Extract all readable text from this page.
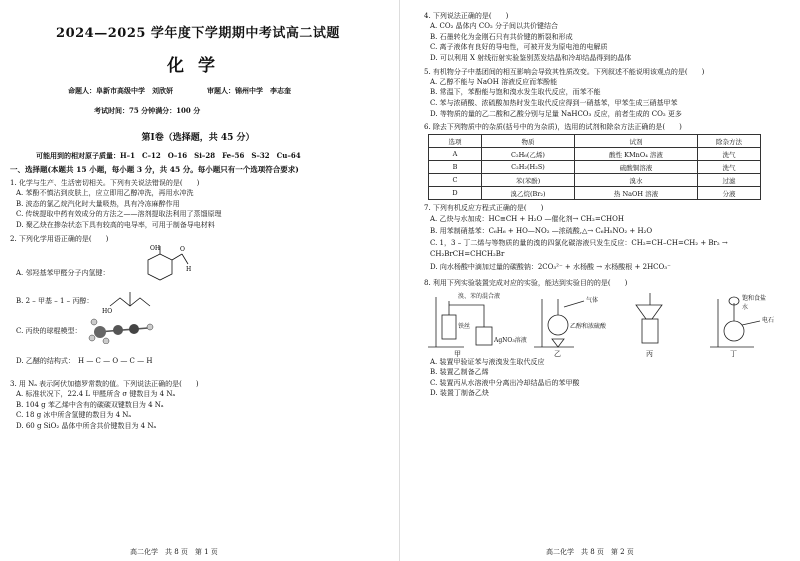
2024—2025 学年度下学期期中考试高二试题
化学
命题人：阜新市高级中学　刘欣妍	审题人：锦州中学　李志奎
考试时间：75 分钟满分：100 分
第Ⅰ卷（选择题，共 45 分）
可能用到的相对原子质量：H–1　C–12　O–16　Si–28　Fe–56　S–32　Cu–64
一、选择题(本题共 15 小题，每小题 3 分，共 45 分。每小题只有一个选项符合要求)
1. 化学与生产、生活密切相关。下列有关说法错误的是(　　)
A. 苯酚不慎沾到皮肤上，应立即用乙醇冲洗，再用水冲洗
B. 波态的氯乙烷汽化时大量吸热，具有冷冻麻醉作用
C. 传统提取中药有效成分的方法之——溶剂提取法利用了蒸馏原理
D. 聚乙炔在掺杂状态下具有较高的电导率，可用于制备导电材料
2. 下列化学用语正确的是(　　)
A. 邻羟基苯甲醛分子内氢键：
OH	O
H
B. 2 – 甲基 – 1 – 丙醇：
HO
C. 丙炔的球棍模型：
D. 乙醚的结构式： H — C — O — C — H
3. 用 Nₐ 表示阿伏加德罗常数的值。下列说法正确的是(　　)
A. 标准状况下，22.4 L 甲醛所含 σ 键数目为 4 Nₐ
B. 104 g 苯乙烯中含有的碳碳双键数目为 4 Nₐ
C. 18 g 冰中所含氢键的数目为 4 Nₐ
D. 60 g SiO₂ 晶体中所含共价键数目为 4 Nₐ
高二化学　共 8 页　第 1 页
4. 下列说法正确的是(　　)
A. CO₂ 晶体内 CO₂ 分子间以共价键结合
B. 石墨转化为金刚石只有共价键的断裂和形成
C. 离子液体有良好的导电性，可被开发为原电池的电解质
D. 可以利用 X 射线衍射实验鉴别蒸发结晶和冷却结晶得到的晶体
5. 有机物分子中基团间的相互影响会导致其性质改变。下列叙述不能说明该观点的是(　　)
A. 乙醇不能与 NaOH 溶液反应而苯酚能
B. 常温下，苯酚能与饱和溴水发生取代反应，而苯不能
C. 苯与浓硝酸、浓硫酸加热时发生取代反应得到一硝基苯，甲苯生成三硝基甲苯
D. 等物质的量的乙二酸和乙酸分别与足量 NaHCO₃ 反应，前者生成的 CO₂ 更多
6. 除去下列物质中的杂质(括号中的为杂质)，选用的试剂和除杂方法正确的是(　　)
选项	物质	试剂	除杂方法
A	C₂H₆(乙烯)	酸性 KMnO₄ 溶液	洗气
B	C₂H₂(H₂S)	硫酸铜溶液	洗气
C	苯(苯酚)	溴水	过滤
D	溴乙烷(Br₂)	热 NaOH 溶液	分液
7. 下列有机反应方程式正确的是(　　)
A. 乙炔与水加成：HC≡CH + H₂O —催化剂→ CH₂=CHOH
B. 用苯制硝基苯：C₆H₆ + HO—NO₂ —浓硫酸,△→ C₆H₅NO₂ + H₂O
C. 1，3 – 丁二烯与等物质的量的溴的四氯化碳溶液只发生反应：CH₂=CH–CH=CH₂ + Br₂ → CH₂BrCH=CHCH₂Br
D. 向水杨酸中滴加过量的碳酸钠：2CO₃²⁻ + 水杨酸 → 水杨酸根 + 2HCO₃⁻
8. 利用下列实验装置完成对应的实验，能达到实验目的的是(　　)
溴、苯的混合液
铁丝
AgNO₃溶液
气体
乙醇和浓硫酸
饱和食盐水
电石
甲	乙	丙	丁
A. 装置甲验证苯与液溴发生取代反应
B. 装置乙制备乙烯
C. 装置丙从水溶液中分离出冷却结晶后的苯甲酸
D. 装置丁制备乙炔
高二化学　共 8 页　第 2 页
